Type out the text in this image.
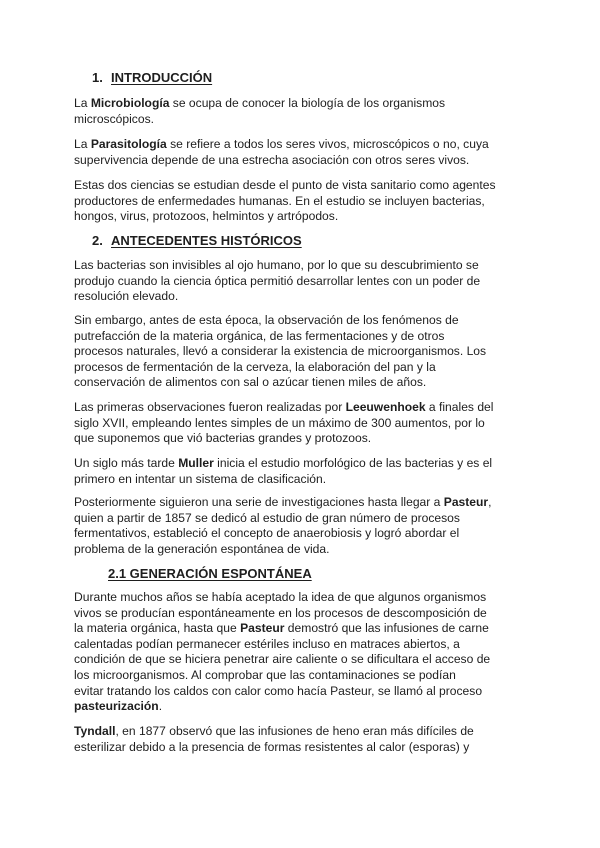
1. INTRODUCCIÓN

La Microbiología se ocupa de conocer la biología de los organismos
microscópicos.

La Parasitología se refiere a todos los seres vivos, microscópicos o no, cuya
supervivencia depende de una estrecha asociación con otros seres vivos.

Estas dos ciencias se estudian desde el punto de vista sanitario como agentes
productores de enfermedades humanas. En el estudio se incluyen bacterias,
hongos, virus, protozoos, helmintos y artrópodos.

2. ANTECEDENTES HISTÓRICOS

Las bacterias son invisibles al ojo humano, por lo que su descubrimiento se
produjo cuando la ciencia óptica permitió desarrollar lentes con un poder de
resolución elevado.

Sin embargo, antes de esta época, la observación de los fenómenos de
putrefacción de la materia orgánica, de las fermentaciones y de otros
procesos naturales, llevó a considerar la existencia de microorganismos. Los
procesos de fermentación de la cerveza, la elaboración del pan y la
conservación de alimentos con sal o azúcar tienen miles de años.

Las primeras observaciones fueron realizadas por Leeuwenhoek a finales del
siglo XVII, empleando lentes simples de un máximo de 300 aumentos, por lo
que suponemos que vió bacterias grandes y protozoos.

Un siglo más tarde Muller inicia el estudio morfológico de las bacterias y es el
primero en intentar un sistema de clasificación.

Posteriormente siguieron una serie de investigaciones hasta llegar a Pasteur,
quien a partir de 1857 se dedicó al estudio de gran número de procesos
fermentativos, estableció el concepto de anaerobiosis y logró abordar el
problema de la generación espontánea de vida.

2.1 GENERACIÓN ESPONTÁNEA

Durante muchos años se había aceptado la idea de que algunos organismos
vivos se producían espontáneamente en los procesos de descomposición de
la materia orgánica, hasta que Pasteur demostró que las infusiones de carne
calentadas podían permanecer estériles incluso en matraces abiertos, a
condición de que se hiciera penetrar aire caliente o se dificultara el acceso de
los microorganismos. Al comprobar que las contaminaciones se podían
evitar tratando los caldos con calor como hacía Pasteur, se llamó al proceso
pasteurización.

Tyndall, en 1877 observó que las infusiones de heno eran más difíciles de
esterilizar debido a la presencia de formas resistentes al calor (esporas) y
